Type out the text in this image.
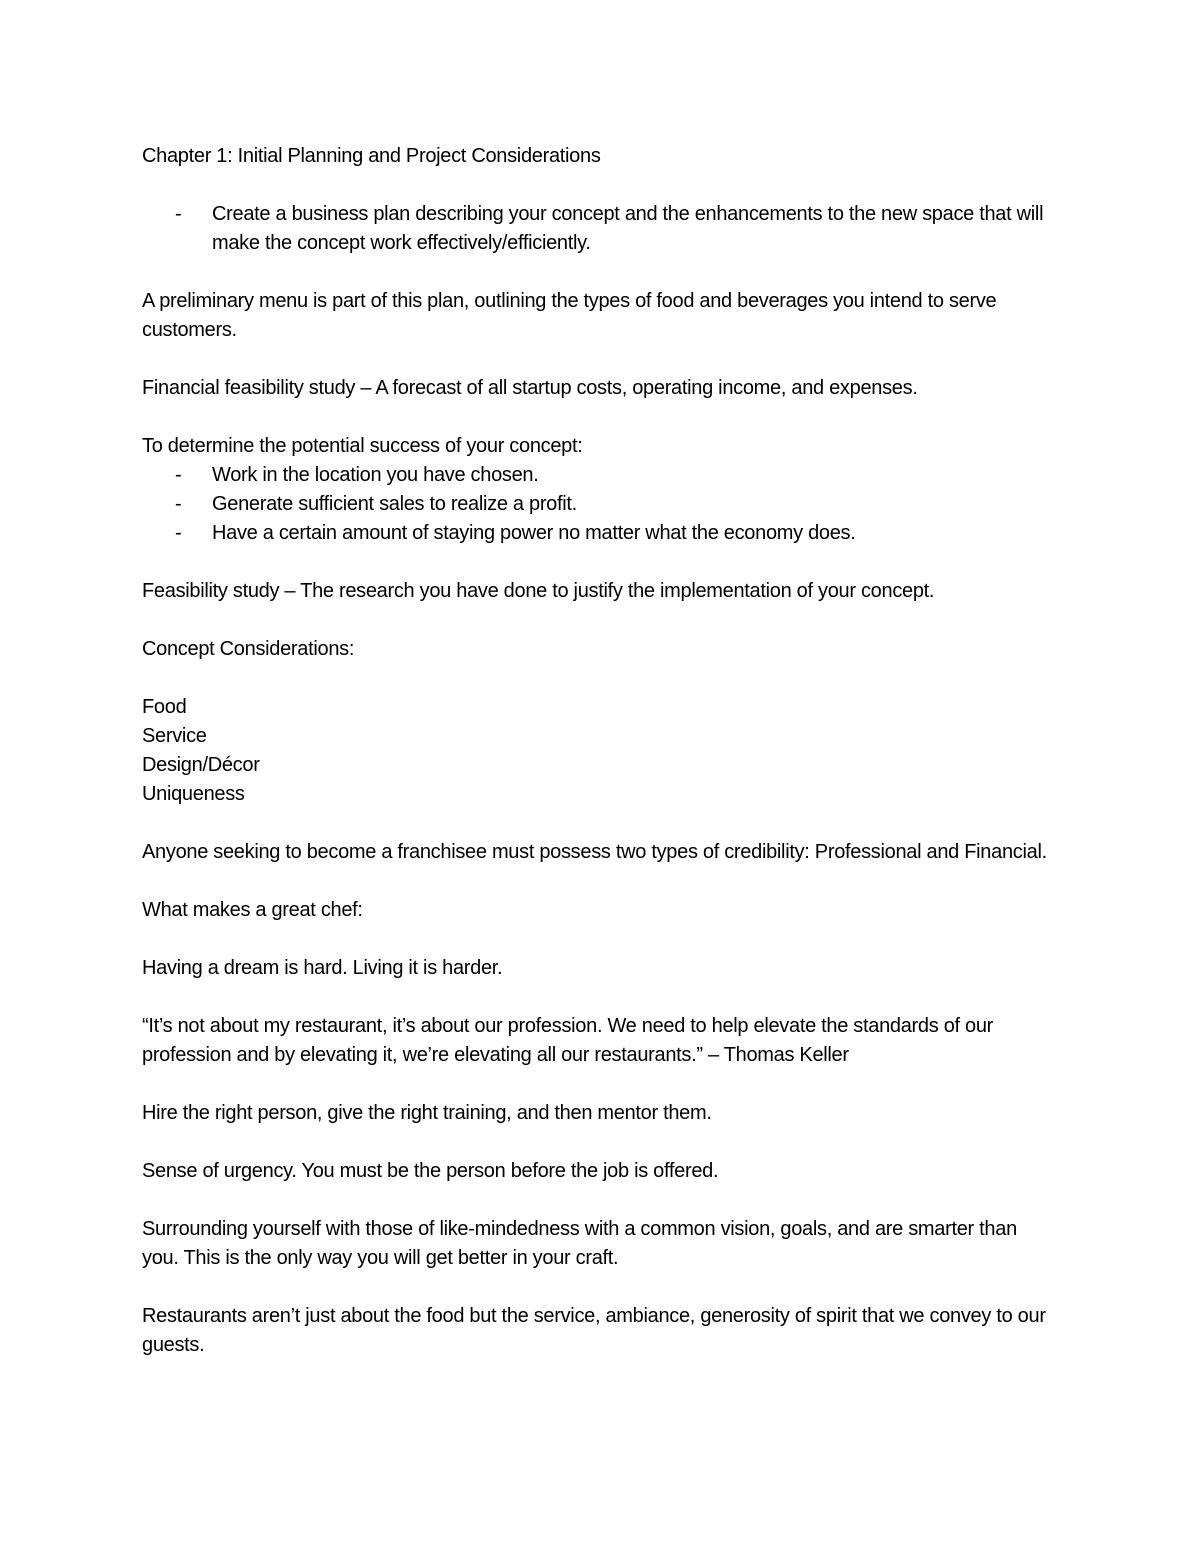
Chapter 1: Initial Planning and Project Considerations

- Create a business plan describing your concept and the enhancements to the new space that will make the concept work effectively/efficiently.

A preliminary menu is part of this plan, outlining the types of food and beverages you intend to serve customers.

Financial feasibility study – A forecast of all startup costs, operating income, and expenses.

To determine the potential success of your concept:

- Work in the location you have chosen.

- Generate sufficient sales to realize a profit.

- Have a certain amount of staying power no matter what the economy does.

Feasibility study – The research you have done to justify the implementation of your concept.

Concept Considerations:

Food

Service

Design/Décor

Uniqueness

Anyone seeking to become a franchisee must possess two types of credibility: Professional and Financial.

What makes a great chef:

Having a dream is hard. Living it is harder.

“It’s not about my restaurant, it’s about our profession. We need to help elevate the standards of our profession and by elevating it, we’re elevating all our restaurants.” – Thomas Keller

Hire the right person, give the right training, and then mentor them.

Sense of urgency. You must be the person before the job is offered.

Surrounding yourself with those of like-mindedness with a common vision, goals, and are smarter than you. This is the only way you will get better in your craft.

Restaurants aren’t just about the food but the service, ambiance, generosity of spirit that we convey to our guests.
